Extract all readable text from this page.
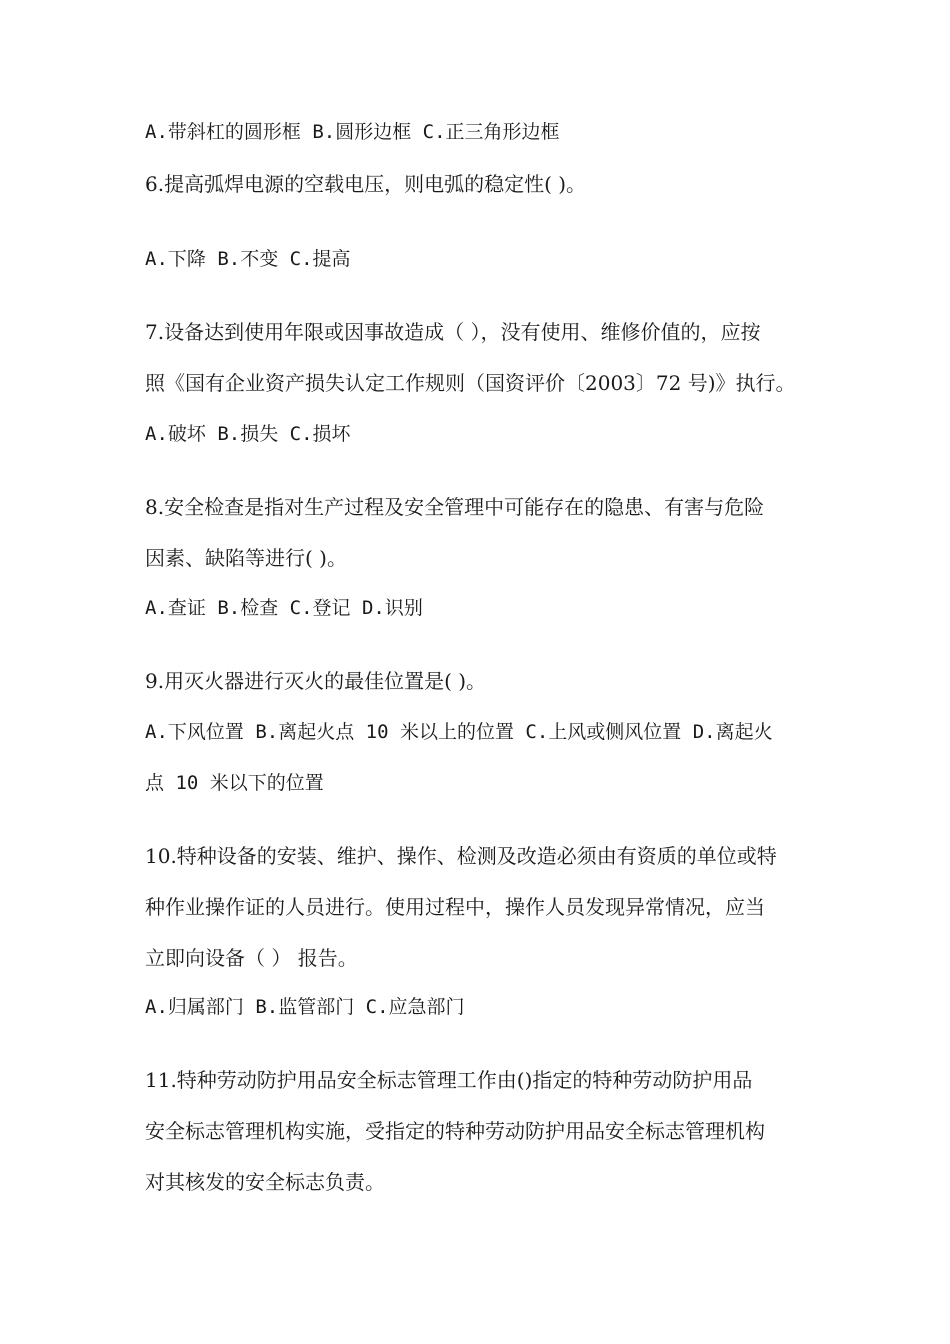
A.带斜杠的圆形框 B.圆形边框 C.正三角形边框
6.提高弧焊电源的空载电压，则电弧的稳定性( )。
A.下降 B.不变 C.提高
7.设备达到使用年限或因事故造成（ ），没有使用、维修价值的，应按
照《国有企业资产损失认定工作规则（国资评价〔2003〕72 号)》执行。
A.破坏 B.损失 C.损坏
8.安全检查是指对生产过程及安全管理中可能存在的隐患、有害与危险
因素、缺陷等进行( )。
A.查证 B.检查 C.登记 D.识别
9.用灭火器进行灭火的最佳位置是( )。
A.下风位置 B.离起火点 10 米以上的位置 C.上风或侧风位置 D.离起火
点 10 米以下的位置
10.特种设备的安装、维护、操作、检测及改造必须由有资质的单位或特
种作业操作证的人员进行。使用过程中，操作人员发现异常情况，应当
立即向设备（ ） 报告。
A.归属部门 B.监管部门 C.应急部门
11.特种劳动防护用品安全标志管理工作由()指定的特种劳动防护用品
安全标志管理机构实施，受指定的特种劳动防护用品安全标志管理机构
对其核发的安全标志负责。
